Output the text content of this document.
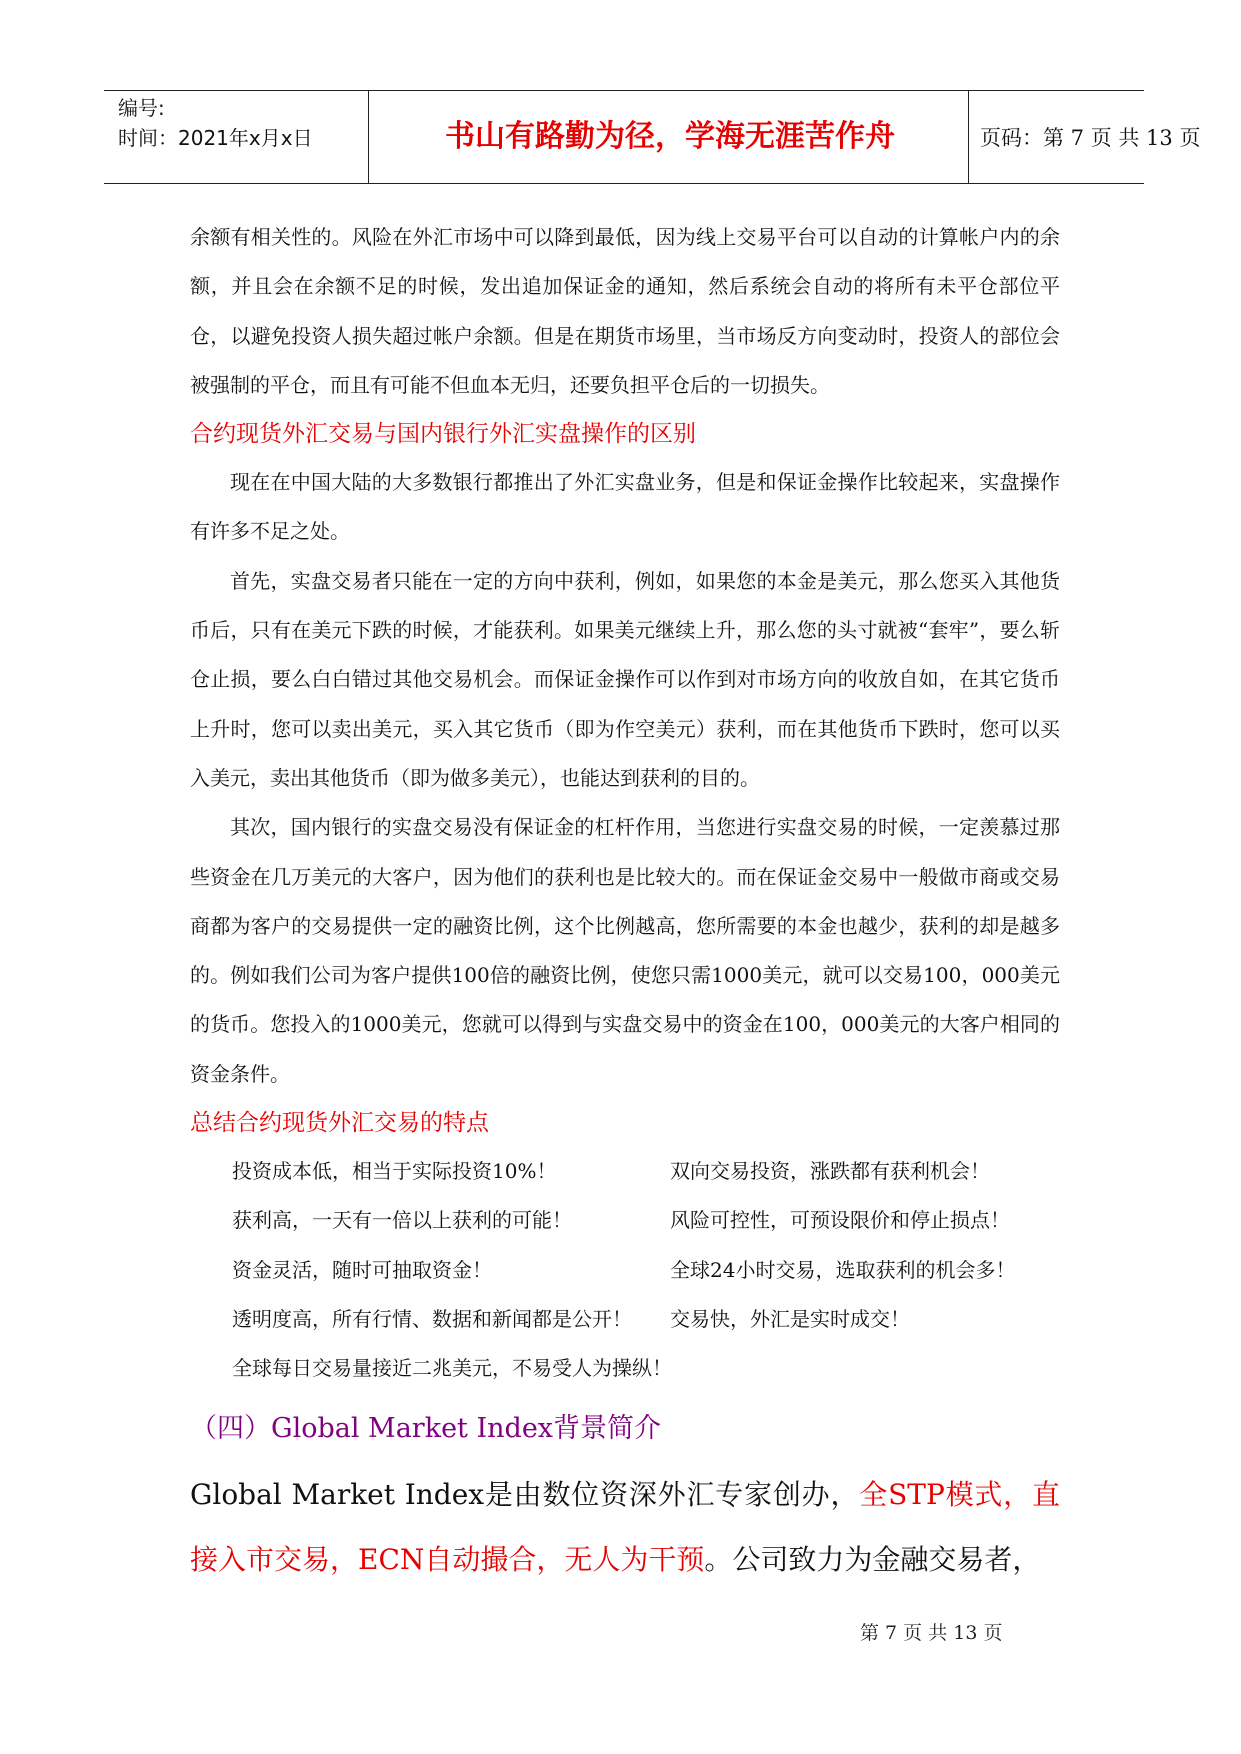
编号:
时间：2021年x月x日	书山有路勤为径，学海无涯苦作舟	页码：第 7 页 共 13 页

余额有相关性的。风险在外汇市场中可以降到最低，因为线上交易平台可以自动的计算帐户内的余额，并且会在余额不足的时候，发出追加保证金的通知，然后系统会自动的将所有未平仓部位平仓，以避免投资人损失超过帐户余额。但是在期货市场里，当市场反方向变动时，投资人的部位会被强制的平仓，而且有可能不但血本无归，还要负担平仓后的一切损失。

合约现货外汇交易与国内银行外汇实盘操作的区别

现在在中国大陆的大多数银行都推出了外汇实盘业务，但是和保证金操作比较起来，实盘操作有许多不足之处。

首先，实盘交易者只能在一定的方向中获利，例如，如果您的本金是美元，那么您买入其他货币后，只有在美元下跌的时候，才能获利。如果美元继续上升，那么您的头寸就被“套牢”，要么斩仓止损，要么白白错过其他交易机会。而保证金操作可以作到对市场方向的收放自如，在其它货币上升时，您可以卖出美元，买入其它货币（即为作空美元）获利，而在其他货币下跌时，您可以买入美元，卖出其他货币（即为做多美元），也能达到获利的目的。

其次，国内银行的实盘交易没有保证金的杠杆作用，当您进行实盘交易的时候，一定羡慕过那些资金在几万美元的大客户，因为他们的获利也是比较大的。而在保证金交易中一般做市商或交易商都为客户的交易提供一定的融资比例，这个比例越高，您所需要的本金也越少，获利的却是越多的。例如我们公司为客户提供100倍的融资比例，使您只需1000美元，就可以交易100，000美元的货币。您投入的1000美元，您就可以得到与实盘交易中的资金在100，000美元的大客户相同的资金条件。

总结合约现货外汇交易的特点
投资成本低，相当于实际投资10%！	双向交易投资，涨跌都有获利机会！
获利高，一天有一倍以上获利的可能！	风险可控性，可预设限价和停止损点！
资金灵活，随时可抽取资金！	全球24小时交易，选取获利的机会多！
透明度高，所有行情、数据和新闻都是公开！ 交易快，外汇是实时成交！
全球每日交易量接近二兆美元，不易受人为操纵！
（四）Global Market Index背景简介

Global Market Index是由数位资深外汇专家创办，全STP模式，直接入市交易，ECN自动撮合，无人为干预。公司致力为金融交易者，

第 7 页 共 13 页
